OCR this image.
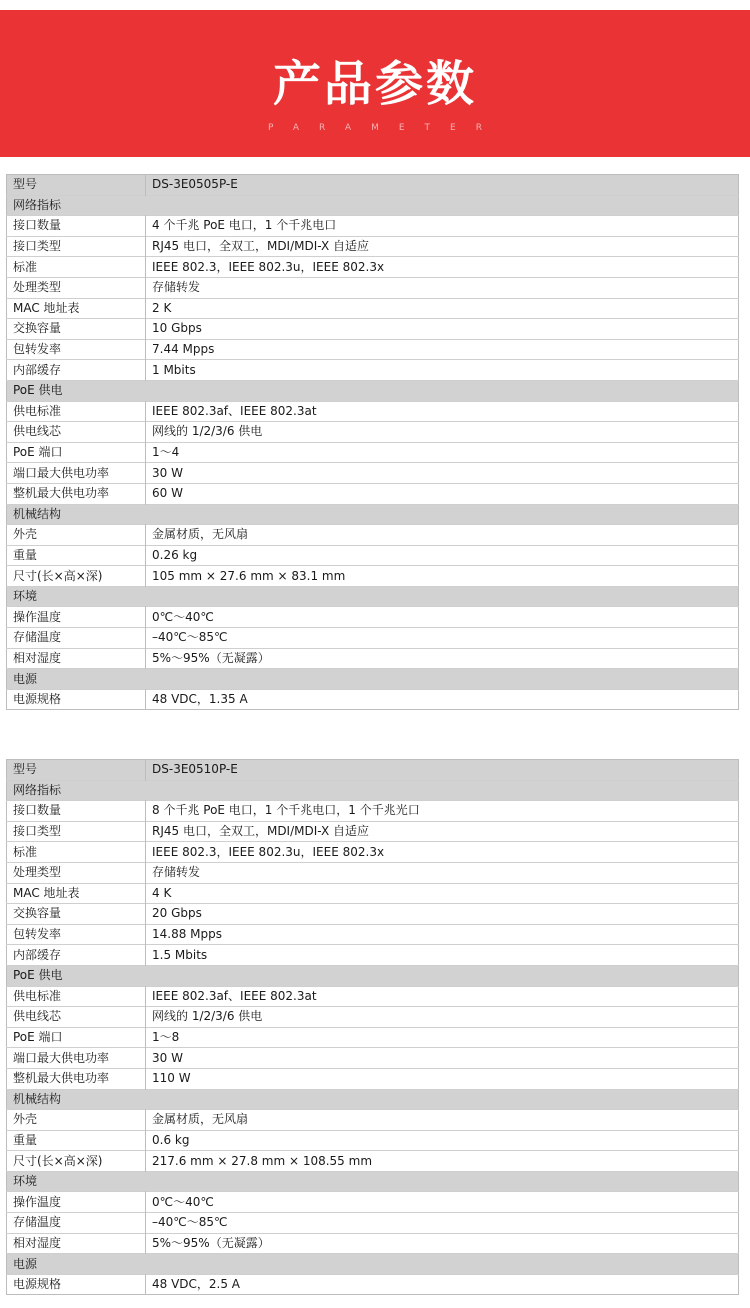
产品参数
PARAMETER
型号	DS-3E0505P-E
网络指标	
接口数量	4 个千兆 PoE 电口，1 个千兆电口
接口类型	RJ45 电口，全双工，MDI/MDI-X 自适应
标准	IEEE 802.3，IEEE 802.3u，IEEE 802.3x
处理类型	存储转发
MAC 地址表	2 K
交换容量	10 Gbps
包转发率	7.44 Mpps
内部缓存	1 Mbits
PoE 供电	
供电标准	IEEE 802.3af、IEEE 802.3at
供电线芯	网线的 1/2/3/6 供电
PoE 端口	1～4
端口最大供电功率	30 W
整机最大供电功率	60 W
机械结构	
外壳	金属材质，无风扇
重量	0.26 kg
尺寸(长×高×深)	105 mm × 27.6 mm × 83.1 mm
环境	
操作温度	0℃～40℃
存储温度	–40℃～85℃
相对湿度	5%～95%（无凝露）
电源	
电源规格	48 VDC，1.35 A
型号	DS-3E0510P-E
网络指标	
接口数量	8 个千兆 PoE 电口，1 个千兆电口，1 个千兆光口
接口类型	RJ45 电口，全双工，MDI/MDI-X 自适应
标准	IEEE 802.3，IEEE 802.3u，IEEE 802.3x
处理类型	存储转发
MAC 地址表	4 K
交换容量	20 Gbps
包转发率	14.88 Mpps
内部缓存	1.5 Mbits
PoE 供电	
供电标准	IEEE 802.3af、IEEE 802.3at
供电线芯	网线的 1/2/3/6 供电
PoE 端口	1～8
端口最大供电功率	30 W
整机最大供电功率	110 W
机械结构	
外壳	金属材质，无风扇
重量	0.6 kg
尺寸(长×高×深)	217.6 mm × 27.8 mm × 108.55 mm
环境	
操作温度	0℃～40℃
存储温度	–40℃～85℃
相对湿度	5%～95%（无凝露）
电源	
电源规格	48 VDC，2.5 A
